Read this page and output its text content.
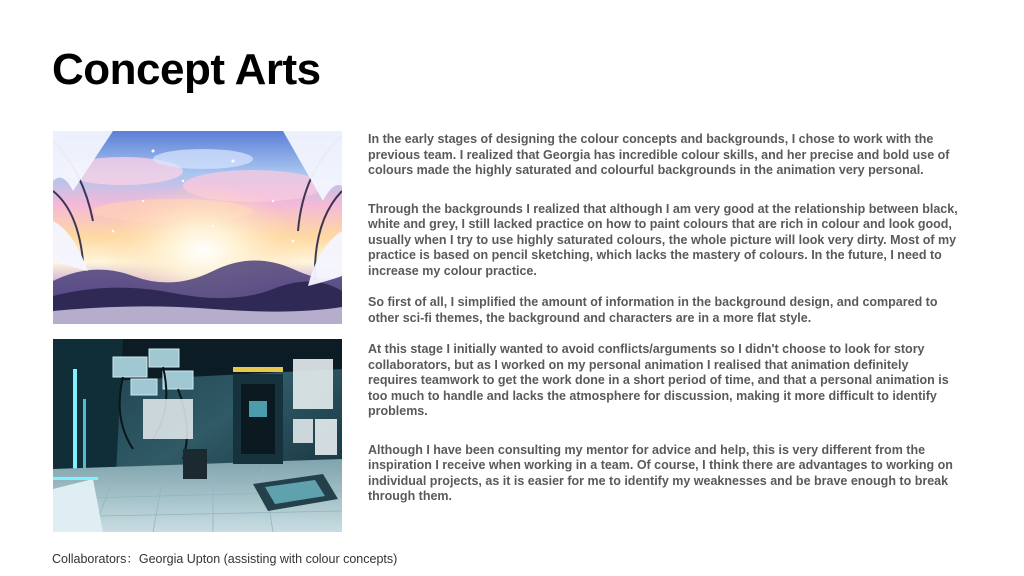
Concept Arts

In the early stages of designing the colour concepts and backgrounds, I chose to work with the previous team. I realized that Georgia has incredible colour skills, and her precise and bold use of colours made the highly saturated and colourful backgrounds in the animation very personal.

Through the backgrounds I realized that although I am very good at the relationship between black, white and grey, I still lacked practice on how to paint colours that are rich in colour and look good, usually when I try to use highly saturated colours, the whole picture will look very dirty. Most of my practice is based on pencil sketching, which lacks the mastery of colours. In the future, I need to increase my colour practice.

So first of all, I simplified the amount of information in the background design, and compared to other sci-fi themes, the background and characters are in a more flat style.

At this stage I initially wanted to avoid conflicts/arguments so I didn't choose to look for story collaborators, but as I worked on my personal animation I realised that animation definitely requires teamwork to get the work done in a short period of time, and that a personal animation is too much to handle and lacks the atmosphere for discussion, making it more difficult to identify problems.

Although I have been consulting my mentor for advice and help, this is very different from the inspiration I receive when working in a team. Of course, I think there are advantages to working on individual projects, as it is easier for me to identify my weaknesses and be brave enough to break through them.

Collaborators：Georgia Upton (assisting with colour concepts)
